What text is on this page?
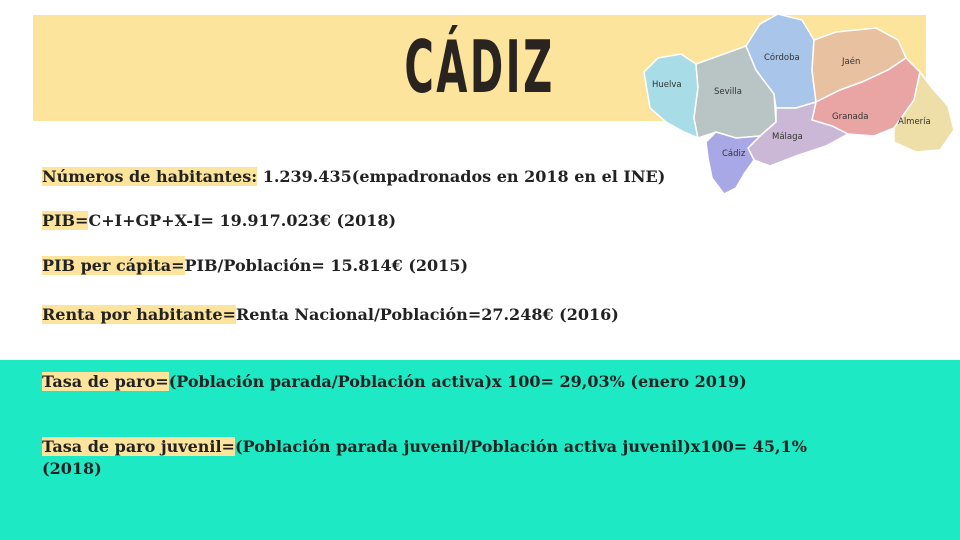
CÁDIZ	Huelva
Sevilla
Córdoba	Jaén
Granada	Almería
Málaga
Cádiz
Números de habitantes: 1.239.435(empadronados en 2018 en el INE)
PIB=C+I+GP+X-I= 19.917.023€ (2018)
PIB per cápita=PIB/Población= 15.814€ (2015)
Renta por habitante=Renta Nacional/Población=27.248€ (2016)
Tasa de paro=(Población parada/Población activa)x 100= 29,03% (enero 2019)
Tasa de paro juvenil=(Población parada juvenil/Población activa juvenil)x100= 45,1% (2018)
